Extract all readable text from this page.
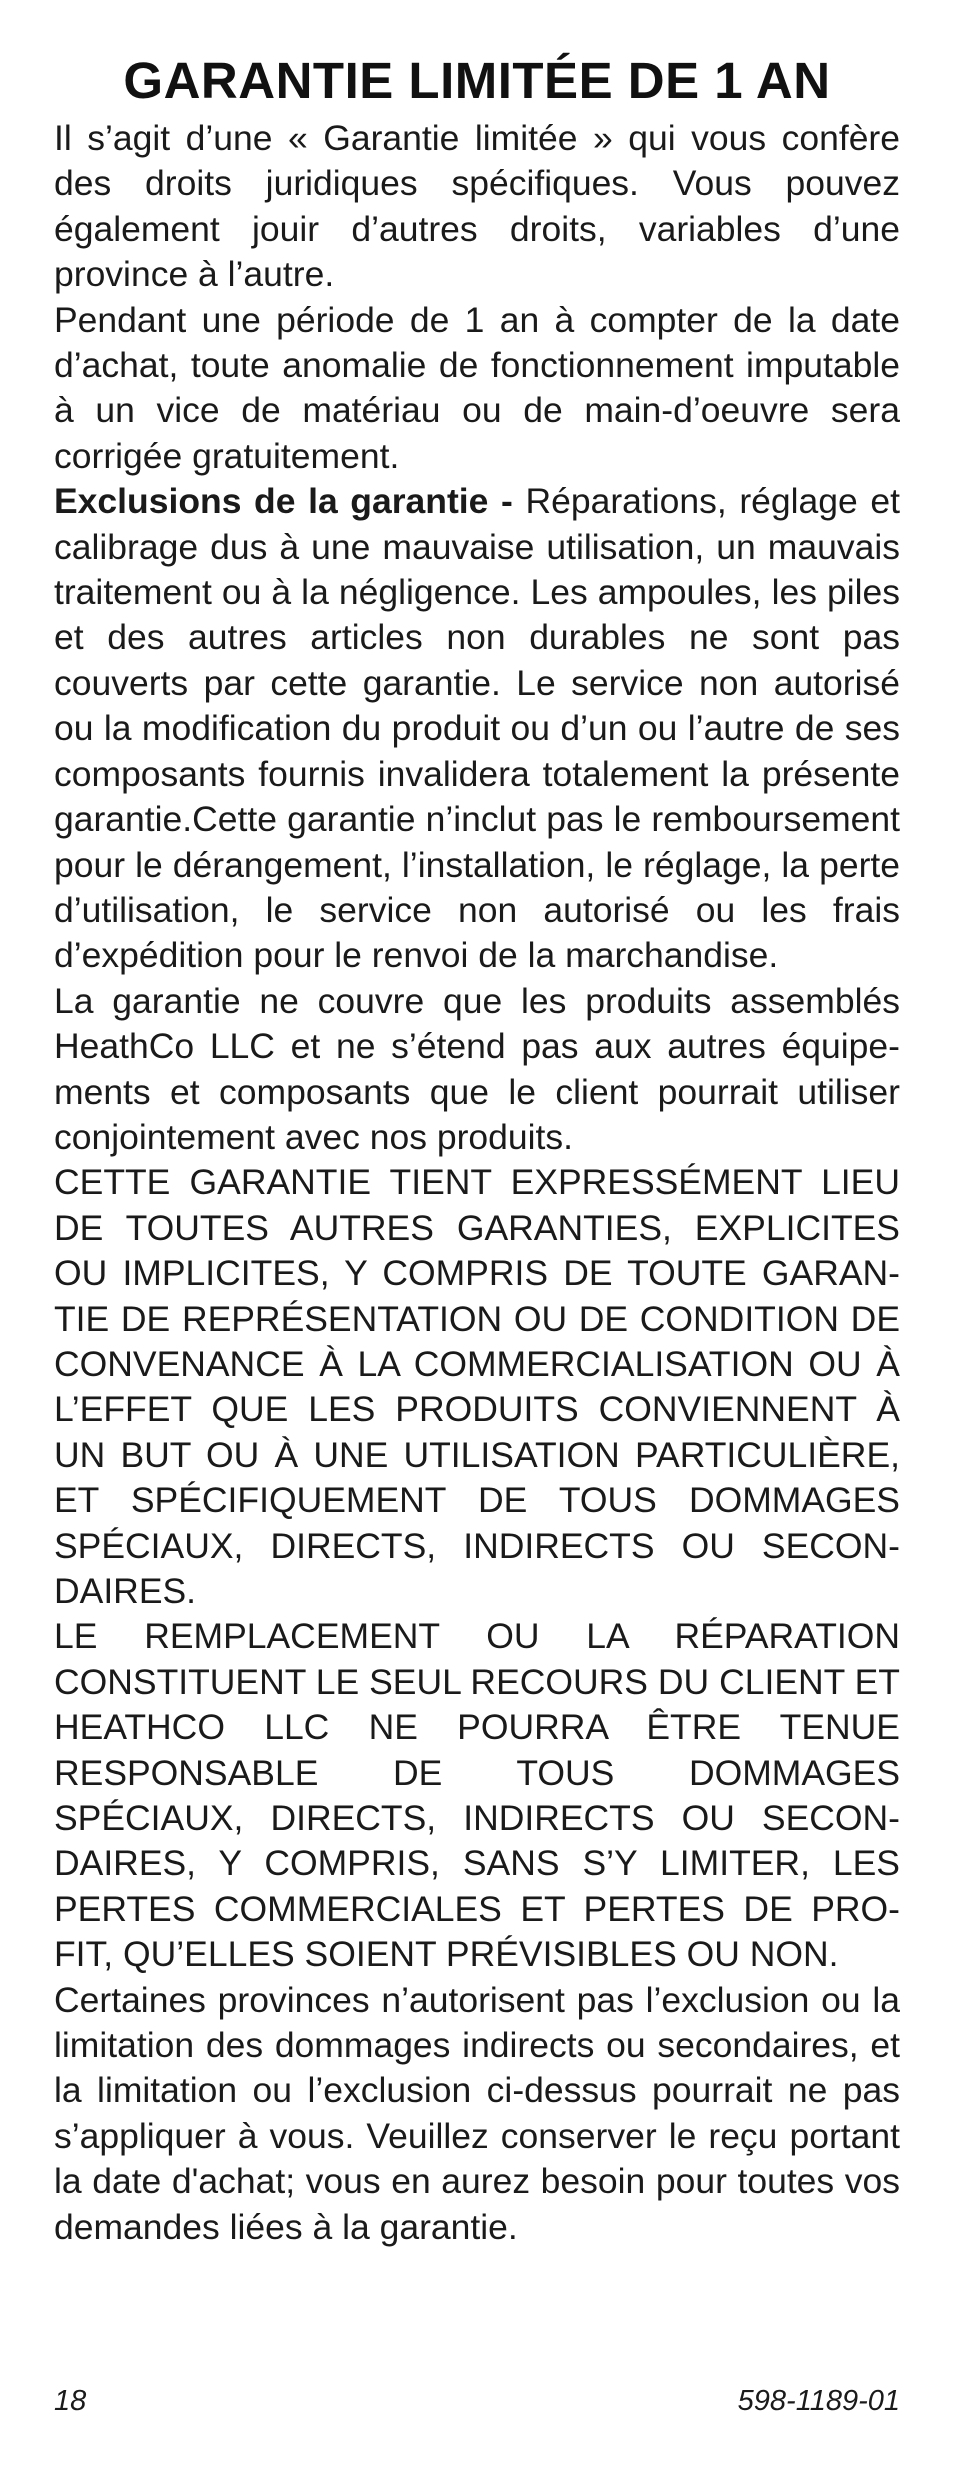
GARANTIE LIMITÉE DE 1 AN

Il s’agit d’une « Garantie limitée » qui vous confère des droits juridiques spécifiques. Vous pouvez également jouir d’autres droits, variables d’une province à l’autre.

Pendant une période de 1 an à compter de la date d’achat, toute anomalie de fonctionnement imputable à un vice de matériau ou de main-d’oeuvre sera corrigée gratuitement.

Exclusions de la garantie - Réparations, réglage et calibrage dus à une mauvaise utilisation, un mauvais traitement ou à la négligence. Les ampoules, les piles et des autres articles non durables ne sont pas couverts par cette garantie. Le service non autorisé ou la modification du produit ou d’un ou l’autre de ses composants fournis invalidera totalement la présente garantie.Cette garantie n’inclut pas le remboursement pour le dérangement, l’installation, le réglage, la perte d’utilisation, le service non autorisé ou les frais d’expédition pour le renvoi de la marchandise.

La garantie ne couvre que les produits assemblés HeathCo LLC et ne s’étend pas aux autres équipements et composants que le client pourrait utiliser conjointement avec nos produits.

CETTE GARANTIE TIENT EXPRESSÉMENT LIEU DE TOUTES AUTRES GARANTIES, EXPLICITES OU IMPLICITES, Y COMPRIS DE TOUTE GARANTIE DE REPRÉSENTATION OU DE CONDITION DE CONVENANCE À LA COMMERCIALISATION OU À L’EFFET QUE LES PRODUITS CONVIENNENT À UN BUT OU À UNE UTILISATION PARTICULIÈRE, ET SPÉCIFIQUEMENT DE TOUS DOMMAGES SPÉCIAUX, DIRECTS, INDIRECTS OU SECONDAIRES.

LE REMPLACEMENT OU LA RÉPARATION CONSTITUENT LE SEUL RECOURS DU CLIENT ET HEATHCO LLC NE POURRA ÊTRE TENUE RESPONSABLE DE TOUS DOMMAGES SPÉCIAUX, DIRECTS, INDIRECTS OU SECONDAIRES, Y COMPRIS, SANS S’Y LIMITER, LES PERTES COMMERCIALES ET PERTES DE PROFIT, QU’ELLES SOIENT PRÉVISIBLES OU NON.

Certaines provinces n’autorisent pas l’exclusion ou la limitation des dommages indirects ou secondaires, et la limitation ou l’exclusion ci-dessus pourrait ne pas s’appliquer à vous. Veuillez conserver le reçu portant la date d'achat; vous en aurez besoin pour toutes vos demandes liées à la garantie.

18	598-1189-01
